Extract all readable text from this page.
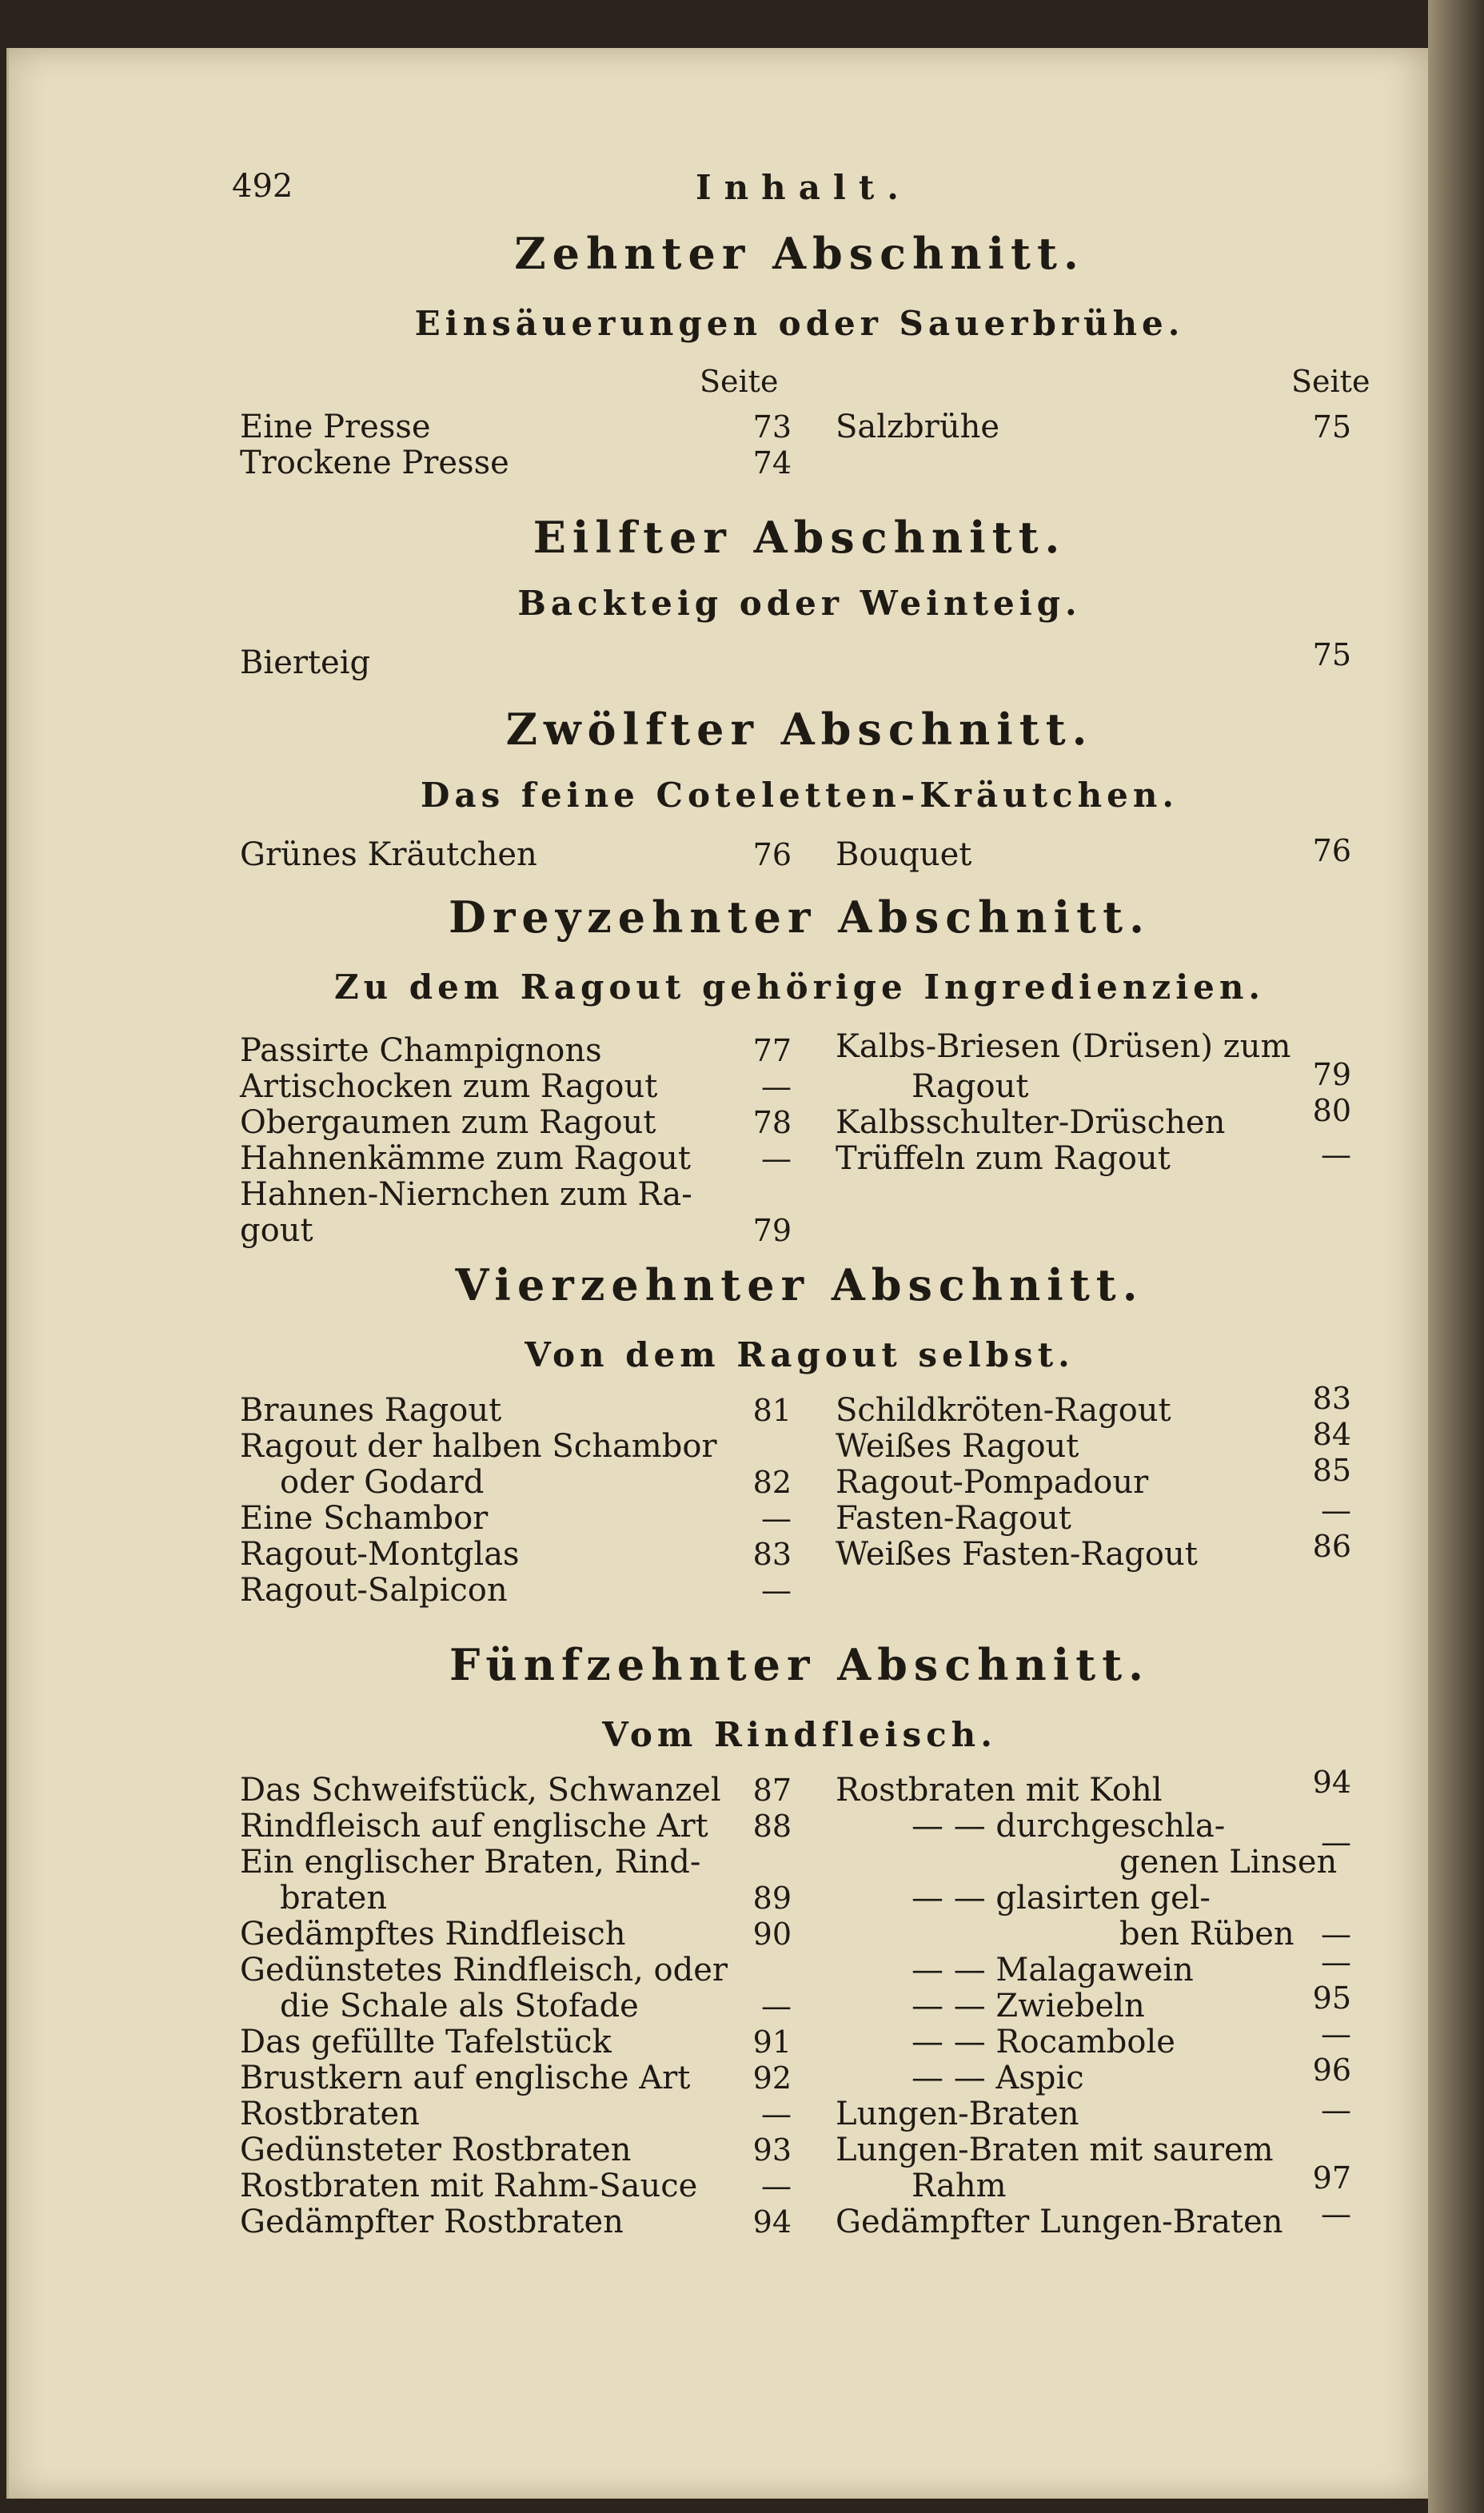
492	Inhalt.
Zehnter Abschnitt.
Einsäuerungen oder Sauerbrühe.
Seite	Seite
Eine Presse	73
Trockene Presse	74
Salzbrühe	75
Eilfter Abschnitt.
Backteig oder Weinteig.
Bierteig	75
Zwölfter Abschnitt.
Das feine Coteletten-Kräutchen.
Grünes Kräutchen	76 Bouquet	76
Dreyzehnter Abschnitt.
Zu dem Ragout gehörige Ingredienzien.
Passirte Champignons	77
Artischocken zum Ragout	—
Obergaumen zum Ragout	78
Hahnenkämme zum Ragout	—
Hahnen-Niernchen zum Ra-
gout	79
Kalbs-Briesen (Drüsen) zum
Ragout	79
Kalbsschulter-Drüschen	80
Trüffeln zum Ragout	—
Vierzehnter Abschnitt.
Von dem Ragout selbst.
Braunes Ragout	81
Ragout der halben Schambor
oder Godard	82
Eine Schambor	—
Ragout-Montglas	83
Ragout-Salpicon	—
Schildkröten-Ragout	83
Weißes Ragout	84
Ragout-Pompadour	85
Fasten-Ragout	—
Weißes Fasten-Ragout	86
Fünfzehnter Abschnitt.
Vom Rindfleisch.
Das Schweifstück, Schwanzel	87
Rindfleisch auf englische Art	88
Ein englischer Braten, Rind-
braten	89
Gedämpftes Rindfleisch	90
Gedünstetes Rindfleisch, oder
die Schale als Stofade	—
Das gefüllte Tafelstück	91
Brustkern auf englische Art	92
Rostbraten	—
Gedünsteter Rostbraten	93
Rostbraten mit Rahm-Sauce	—
Gedämpfter Rostbraten	94
Rostbraten mit Kohl	94
— — durchgeschla-	—
genen Linsen
— — glasirten gel-
ben Rüben —
— — Malagawein	—
— — Zwiebeln	95
— — Rocambole	—
— — Aspic	96
Lungen-Braten	—
Lungen-Braten mit saurem
Rahm	97
Gedämpfter Lungen-Braten	—
